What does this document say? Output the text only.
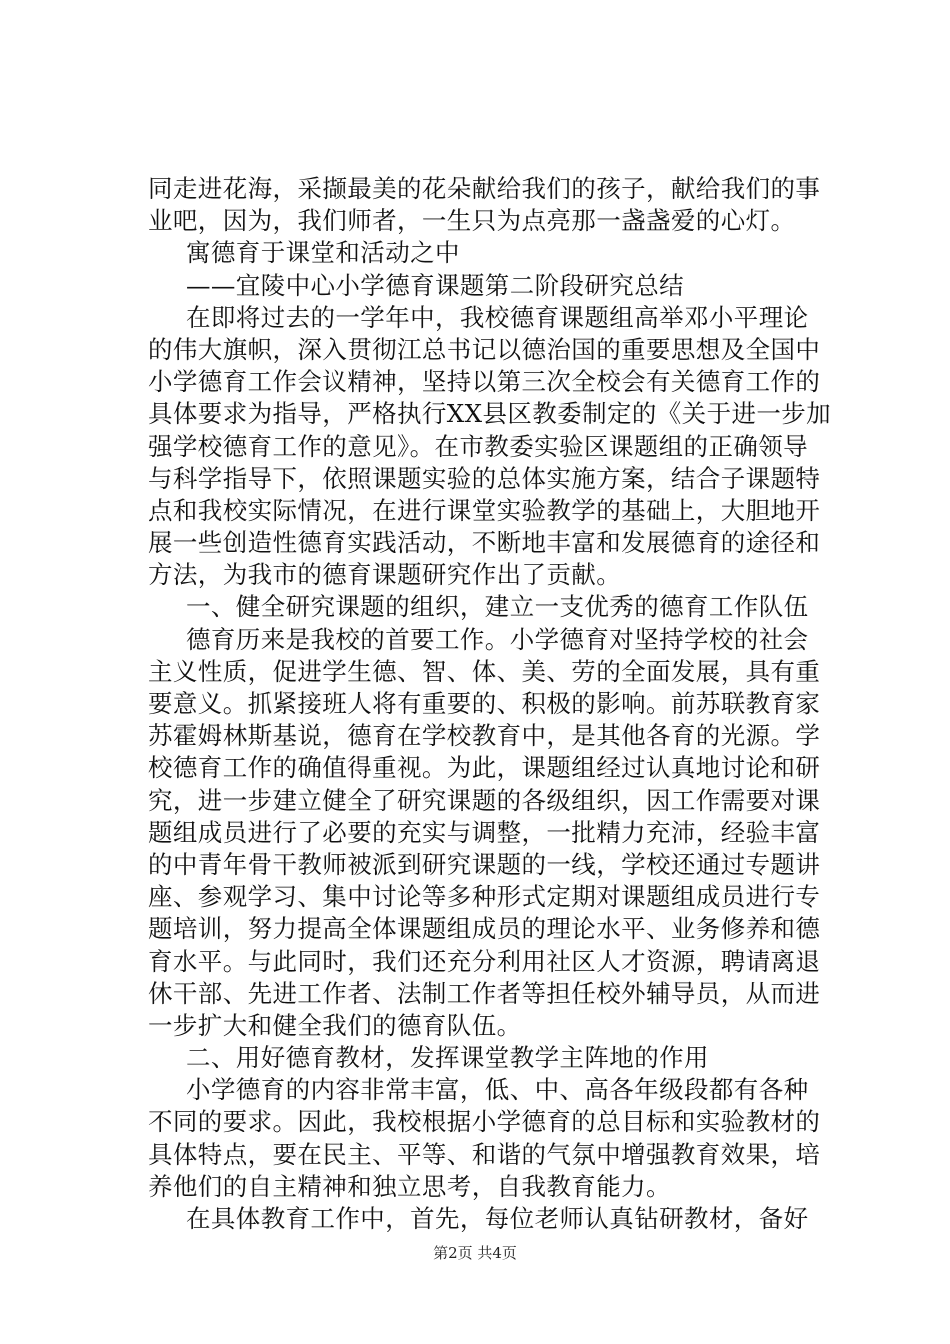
同走进花海，采撷最美的花朵献给我们的孩子，献给我们的事
业吧，因为，我们师者，一生只为点亮那一盏盏爱的心灯。
寓德育于课堂和活动之中
——宜陵中心小学德育课题第二阶段研究总结
在即将过去的一学年中，我校德育课题组高举邓小平理论
的伟大旗帜，深入贯彻江总书记以德治国的重要思想及全国中
小学德育工作会议精神，坚持以第三次全校会有关德育工作的
具体要求为指导，严格执行XX县区教委制定的《关于进一步加
强学校德育工作的意见》。在市教委实验区课题组的正确领导
与科学指导下，依照课题实验的总体实施方案，结合子课题特
点和我校实际情况，在进行课堂实验教学的基础上，大胆地开
展一些创造性德育实践活动，不断地丰富和发展德育的途径和
方法，为我市的德育课题研究作出了贡献。
一、健全研究课题的组织，建立一支优秀的德育工作队伍
德育历来是我校的首要工作。小学德育对坚持学校的社会
主义性质，促进学生德、智、体、美、劳的全面发展，具有重
要意义。抓紧接班人将有重要的、积极的影响。前苏联教育家
苏霍姆林斯基说，德育在学校教育中，是其他各育的光源。学
校德育工作的确值得重视。为此，课题组经过认真地讨论和研
究，进一步建立健全了研究课题的各级组织，因工作需要对课
题组成员进行了必要的充实与调整，一批精力充沛，经验丰富
的中青年骨干教师被派到研究课题的一线，学校还通过专题讲
座、参观学习、集中讨论等多种形式定期对课题组成员进行专
题培训，努力提高全体课题组成员的理论水平、业务修养和德
育水平。与此同时，我们还充分利用社区人才资源，聘请离退
休干部、先进工作者、法制工作者等担任校外辅导员，从而进
一步扩大和健全我们的德育队伍。
二、用好德育教材，发挥课堂教学主阵地的作用
小学德育的内容非常丰富，低、中、高各年级段都有各种
不同的要求。因此，我校根据小学德育的总目标和实验教材的
具体特点，要在民主、平等、和谐的气氛中增强教育效果，培
养他们的自主精神和独立思考，自我教育能力。
在具体教育工作中，首先，每位老师认真钻研教材，备好
第2页 共4页
